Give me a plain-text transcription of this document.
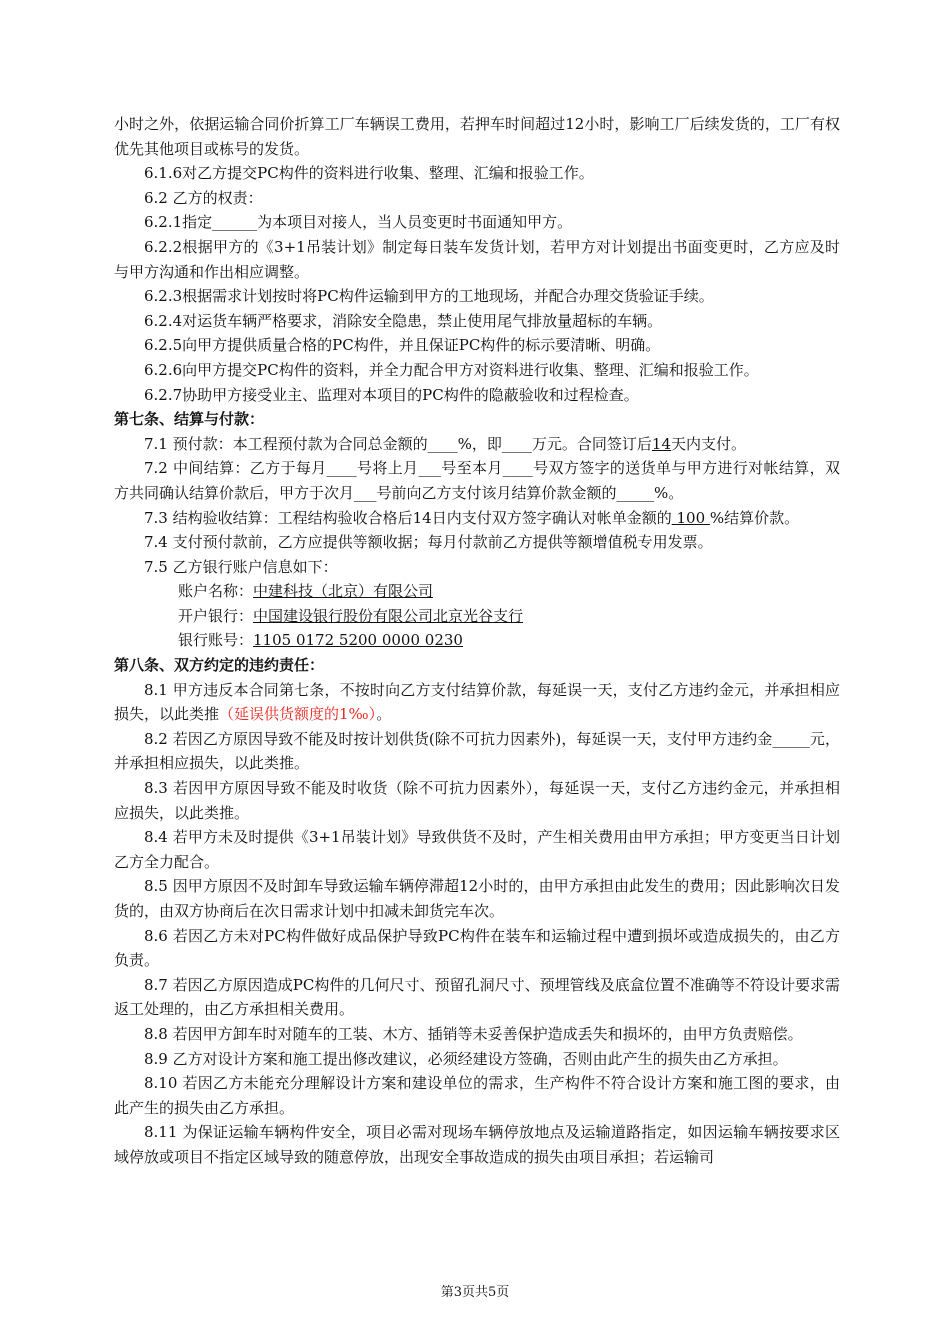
小时之外，依据运输合同价折算工厂车辆误工费用，若押车时间超过12小时，影响工厂后续发货的，工厂有权优先其他项目或栋号的发货。

6.1.6对乙方提交PC构件的资料进行收集、整理、汇编和报验工作。

6.2 乙方的权责：

6.2.1指定______为本项目对接人，当人员变更时书面通知甲方。

6.2.2根据甲方的《3+1吊装计划》制定每日装车发货计划，若甲方对计划提出书面变更时，乙方应及时与甲方沟通和作出相应调整。

6.2.3根据需求计划按时将PC构件运输到甲方的工地现场，并配合办理交货验证手续。

6.2.4对运货车辆严格要求，消除安全隐患，禁止使用尾气排放量超标的车辆。

6.2.5向甲方提供质量合格的PC构件，并且保证PC构件的标示要清晰、明确。

6.2.6向甲方提交PC构件的资料，并全力配合甲方对资料进行收集、整理、汇编和报验工作。

6.2.7协助甲方接受业主、监理对本项目的PC构件的隐蔽验收和过程检查。

第七条、结算与付款：

7.1 预付款：本工程预付款为合同总金额的____%，即____万元。合同签订后14天内支付。

7.2 中间结算：乙方于每月____号将上月___号至本月____号双方签字的送货单与甲方进行对帐结算，双方共同确认结算价款后，甲方于次月___号前向乙方支付该月结算价款金额的_____%。

7.3 结构验收结算：工程结构验收合格后14日内支付双方签字确认对帐单金额的 100 %结算价款。

7.4 支付预付款前，乙方应提供等额收据；每月付款前乙方提供等额增值税专用发票。

7.5 乙方银行账户信息如下：

账户名称：中建科技（北京）有限公司

开户银行：中国建设银行股份有限公司北京光谷支行

银行账号：1105 0172 5200 0000 0230

第八条、双方约定的违约责任：

8.1 甲方违反本合同第七条，不按时向乙方支付结算价款，每延误一天，支付乙方违约金元，并承担相应损失，以此类推（延误供货额度的1‰）。

8.2 若因乙方原因导致不能及时按计划供货(除不可抗力因素外)，每延误一天，支付甲方违约金_____元，并承担相应损失，以此类推。

8.3 若因甲方原因导致不能及时收货（除不可抗力因素外），每延误一天，支付乙方违约金元，并承担相应损失，以此类推。

8.4 若甲方未及时提供《3+1吊装计划》导致供货不及时，产生相关费用由甲方承担；甲方变更当日计划乙方全力配合。

8.5 因甲方原因不及时卸车导致运输车辆停滞超12小时的，由甲方承担由此发生的费用；因此影响次日发货的，由双方协商后在次日需求计划中扣减未卸货完车次。

8.6 若因乙方未对PC构件做好成品保护导致PC构件在装车和运输过程中遭到损坏或造成损失的，由乙方负责。

8.7 若因乙方原因造成PC构件的几何尺寸、预留孔洞尺寸、预埋管线及底盒位置不准确等不符设计要求需返工处理的，由乙方承担相关费用。

8.8 若因甲方卸车时对随车的工装、木方、插销等未妥善保护造成丢失和损坏的，由甲方负责赔偿。

8.9 乙方对设计方案和施工提出修改建议，必须经建设方签确，否则由此产生的损失由乙方承担。

8.10 若因乙方未能充分理解设计方案和建设单位的需求，生产构件不符合设计方案和施工图的要求，由此产生的损失由乙方承担。

8.11 为保证运输车辆构件安全，项目必需对现场车辆停放地点及运输道路指定，如因运输车辆按要求区域停放或项目不指定区域导致的随意停放，出现安全事故造成的损失由项目承担；若运输司

第3页共5页
